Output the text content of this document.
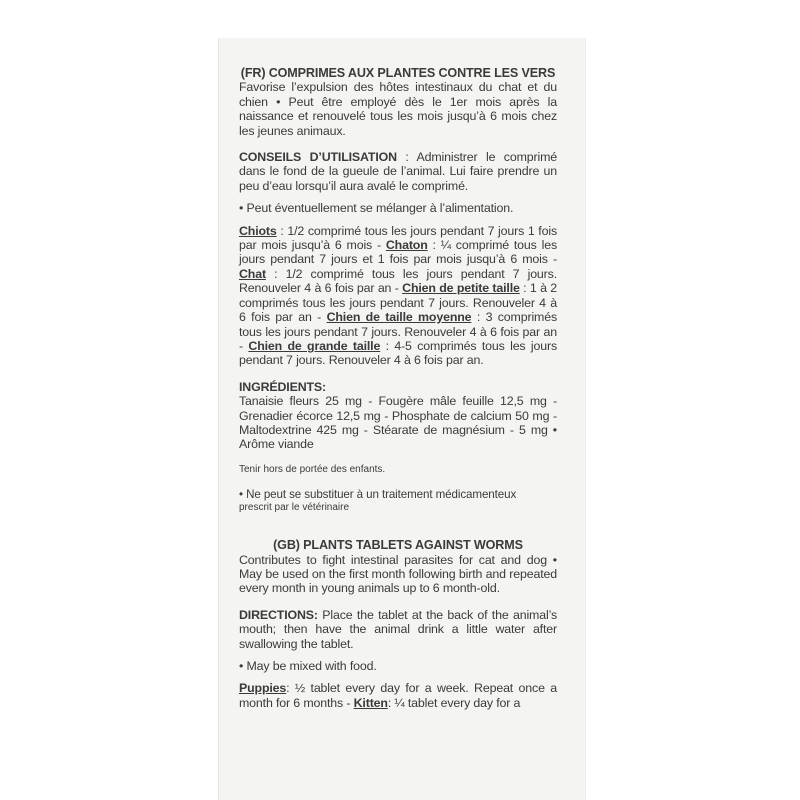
(FR) COMPRIMES AUX PLANTES CONTRE LES VERS

Favorise l’expulsion des hôtes intestinaux du chat et du chien • Peut être employé dès le 1er mois après la naissance et renouvelé tous les mois jusqu’à 6 mois chez les jeunes animaux.

CONSEILS D’UTILISATION : Administrer le comprimé dans le fond de la gueule de l’animal. Lui faire prendre un peu d’eau lorsqu’il aura avalé le comprimé.

• Peut éventuellement se mélanger à l’alimentation.

Chiots : 1/2 comprimé tous les jours pendant 7 jours 1 fois par mois jusqu’à 6 mois - Chaton : ¼ comprimé tous les jours pendant 7 jours et 1 fois par mois jusqu’à 6 mois - Chat : 1/2 comprimé tous les jours pendant 7 jours. Renouveler 4 à 6 fois par an - Chien de petite taille : 1 à 2 comprimés tous les jours pendant 7 jours. Renouveler 4 à 6 fois par an - Chien de taille moyenne : 3 comprimés tous les jours pendant 7 jours. Renouveler 4 à 6 fois par an - Chien de grande taille : 4-5 comprimés tous les jours pendant 7 jours. Renouveler 4 à 6 fois par an.

INGRÉDIENTS:

Tanaisie fleurs 25 mg - Fougère mâle feuille 12,5 mg - Grenadier écorce 12,5 mg - Phosphate de calcium 50 mg - Maltodextrine 425 mg - Stéarate de magnésium - 5 mg • Arôme viande

Tenir hors de portée des enfants.

• Ne peut se substituer à un traitement médicamenteux

prescrit par le vétérinaire

(GB) PLANTS TABLETS AGAINST WORMS

Contributes to fight intestinal parasites for cat and dog • May be used on the first month following birth and repeated every month in young animals up to 6 month-old.

DIRECTIONS: Place the tablet at the back of the animal’s mouth; then have the animal drink a little water after swallowing the tablet.

• May be mixed with food.

Puppies: ½ tablet every day for a week. Repeat once a month for 6 months - Kitten: ¼ tablet every day for a
